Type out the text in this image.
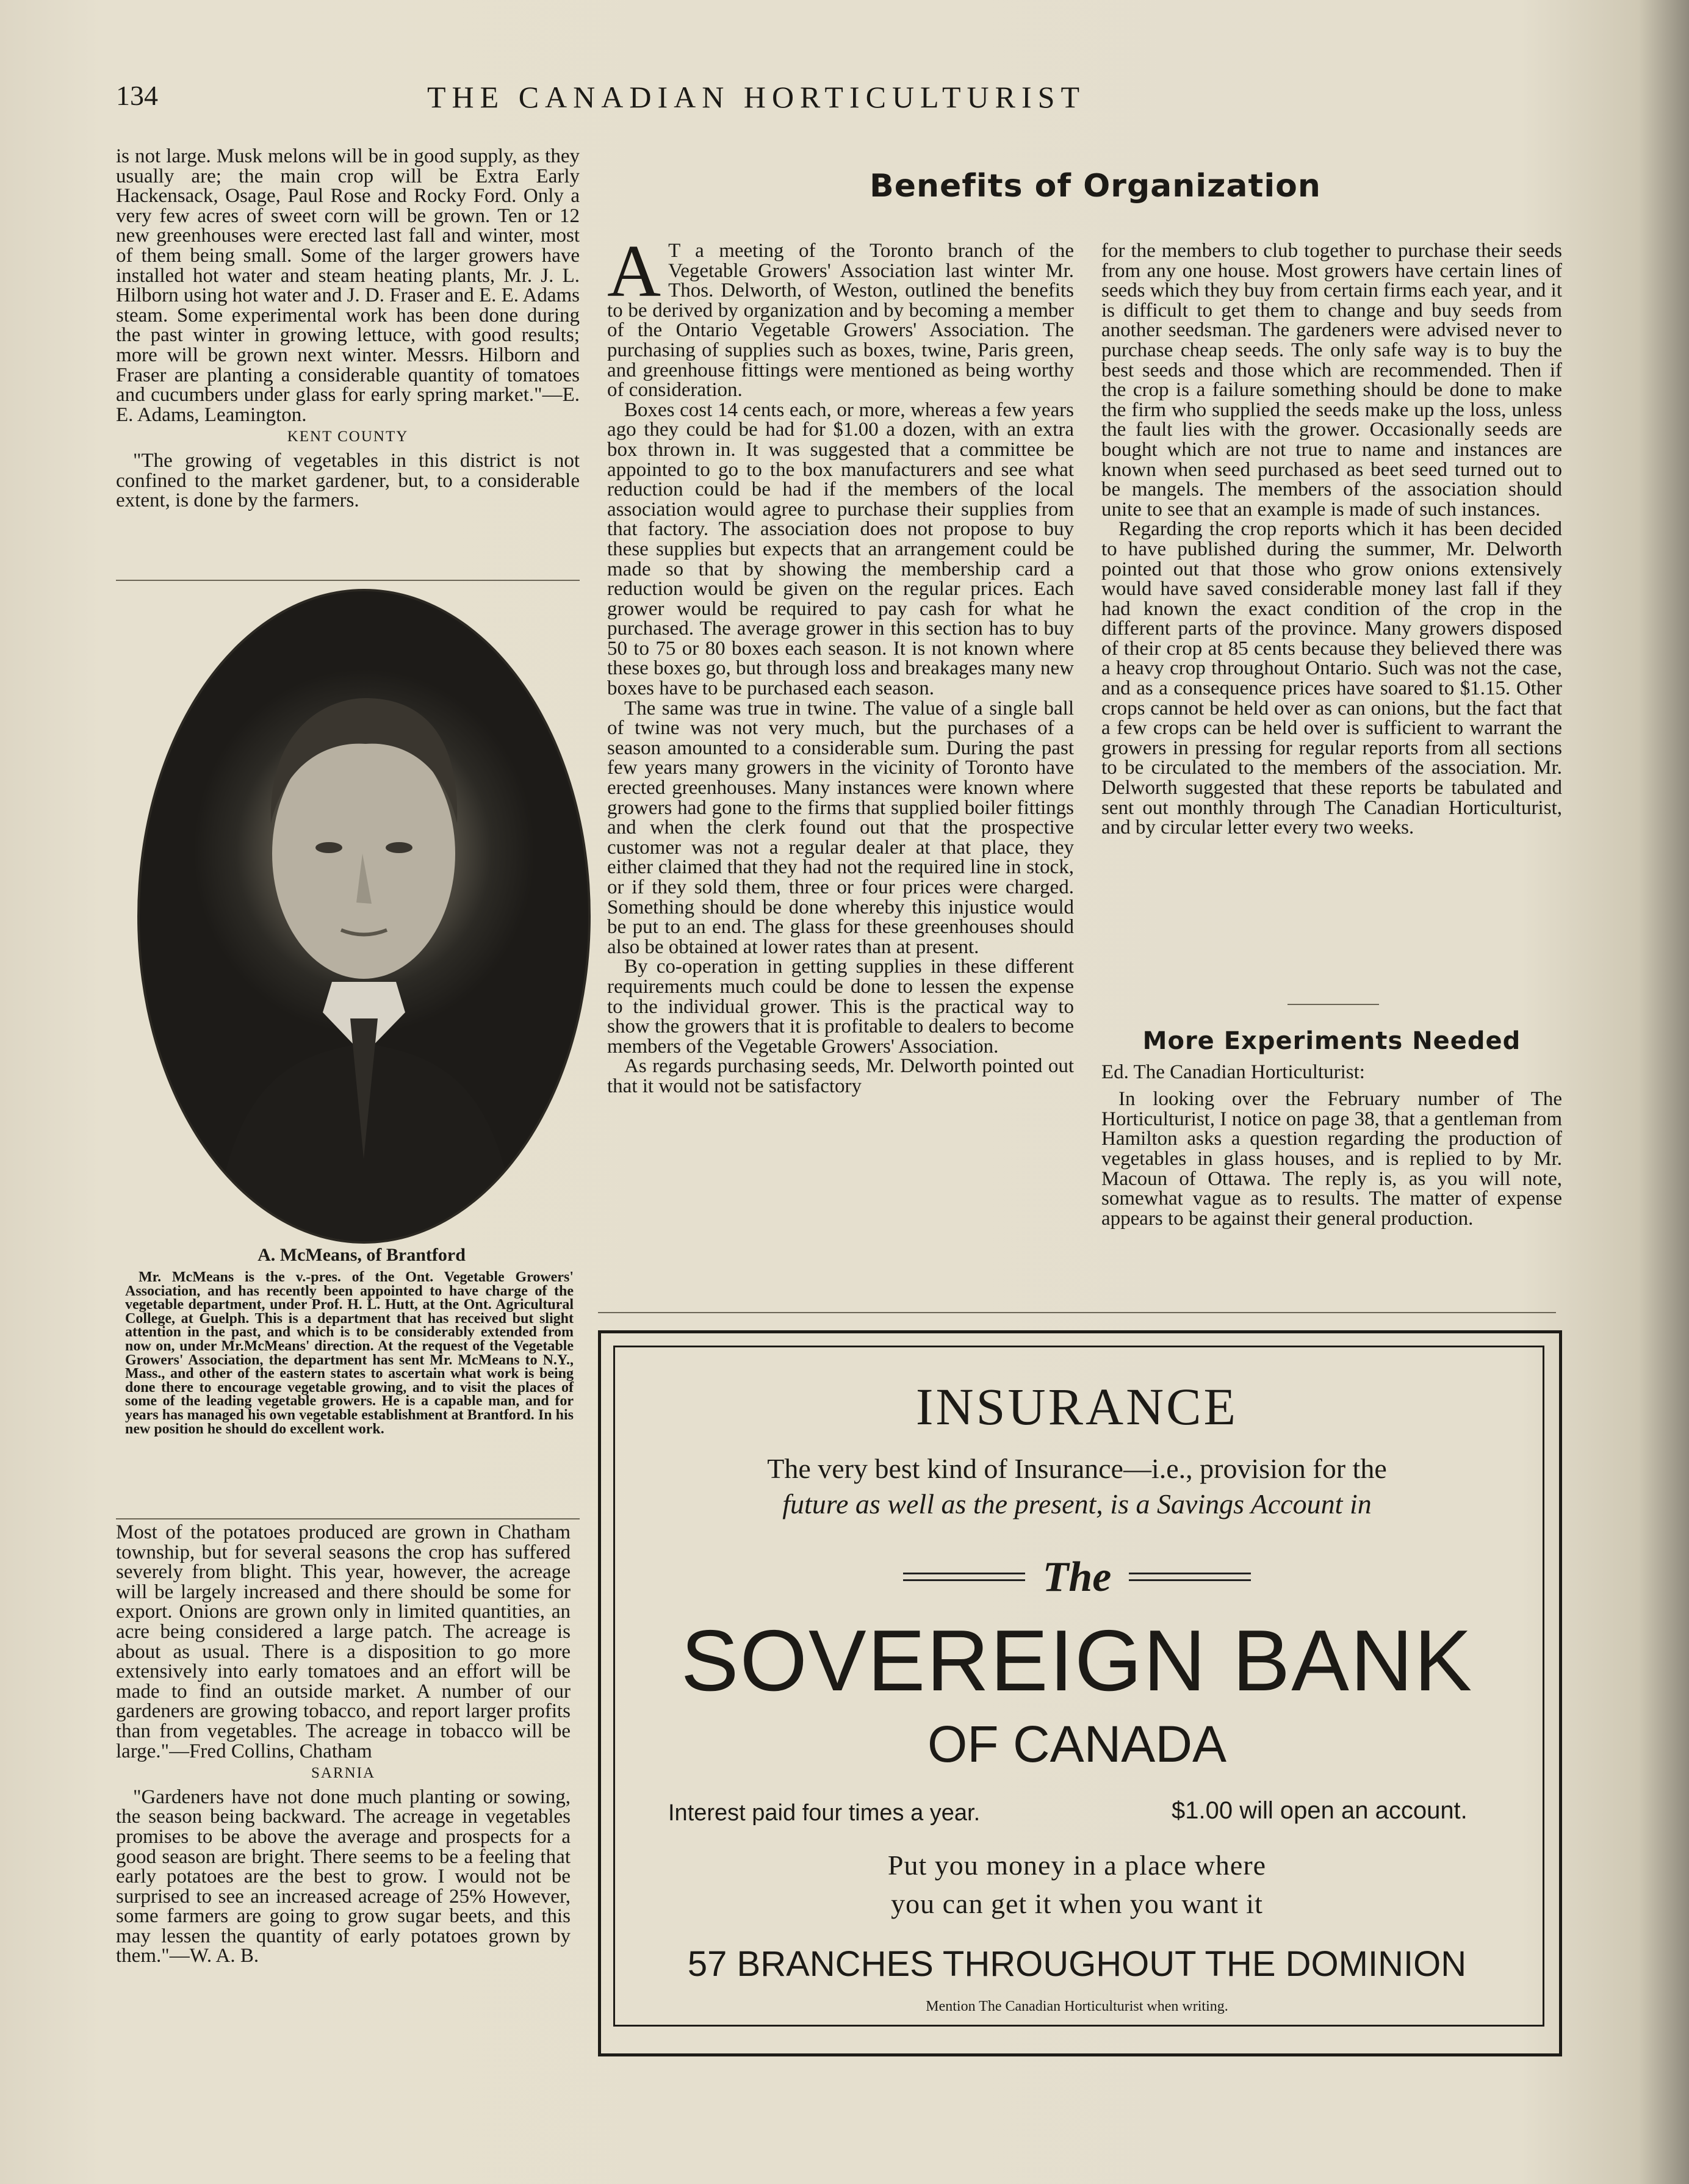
134	THE CANADIAN HORTICULTURIST

is not large. Musk melons will be in good supply, as they usually are; the main crop will be Extra Early Hackensack, Osage, Paul Rose and Rocky Ford. Only a very few acres of sweet corn will be grown. Ten or 12 new greenhouses were erected last fall and winter, most of them being small. Some of the larger growers have installed hot water and steam heating plants, Mr. J. L. Hilborn using hot water and J. D. Fraser and E. E. Adams steam. Some experimental work has been done during the past winter in growing lettuce, with good results; more will be grown next winter. Messrs. Hilborn and Fraser are planting a considerable quantity of tomatoes and cucumbers under glass for early spring market."—E. E. Adams, Leamington.

KENT COUNTY

"The growing of vegetables in this district is not confined to the market gardener, but, to a considerable extent, is done by the farmers.

A. McMeans, of Brantford

Mr. McMeans is the v.-pres. of the Ont. Vegetable Growers' Association, and has recently been appointed to have charge of the vegetable department, under Prof. H. L. Hutt, at the Ont. Agricultural College, at Guelph. This is a department that has received but slight attention in the past, and which is to be considerably extended from now on, under Mr.McMeans' direction. At the request of the Vegetable Growers' Association, the department has sent Mr. McMeans to N.Y., Mass., and other of the eastern states to ascertain what work is being done there to encourage vegetable growing, and to visit the places of some of the leading vegetable growers. He is a capable man, and for years has managed his own vegetable establishment at Brantford. In his new position he should do excellent work.

Most of the potatoes produced are grown in Chatham township, but for several seasons the crop has suffered severely from blight. This year, however, the acreage will be largely increased and there should be some for export. Onions are grown only in limited quantities, an acre being considered a large patch. The acreage is about as usual. There is a disposition to go more extensively into early tomatoes and an effort will be made to find an outside market. A number of our gardeners are growing tobacco, and report larger profits than from vegetables. The acreage in tobacco will be large."—Fred Collins, Chatham

SARNIA

"Gardeners have not done much planting or sowing, the season being backward. The acreage in vegetables promises to be above the average and prospects for a good season are bright. There seems to be a feeling that early potatoes are the best to grow. I would not be surprised to see an increased acreage of 25% However, some farmers are going to grow sugar beets, and this may lessen the quantity of early potatoes grown by them."—W. A. B.

Benefits of Organization

A T a meeting of the Toronto branch of the Vegetable Growers' Association last winter Mr. Thos. Delworth, of Weston, outlined the benefits to be derived by organization and by becoming a member of the Ontario Vegetable Growers' Association. The purchasing of supplies such as boxes, twine, Paris green, and greenhouse fittings were mentioned as being worthy of consideration.

Boxes cost 14 cents each, or more, whereas a few years ago they could be had for $1.00 a dozen, with an extra box thrown in. It was suggested that a committee be appointed to go to the box manufacturers and see what reduction could be had if the members of the local association would agree to purchase their supplies from that factory. The association does not propose to buy these supplies but expects that an arrangement could be made so that by showing the membership card a reduction would be given on the regular prices. Each grower would be required to pay cash for what he purchased. The average grower in this section has to buy 50 to 75 or 80 boxes each season. It is not known where these boxes go, but through loss and breakages many new boxes have to be purchased each season.

The same was true in twine. The value of a single ball of twine was not very much, but the purchases of a season amounted to a considerable sum. During the past few years many growers in the vicinity of Toronto have erected greenhouses. Many instances were known where growers had gone to the firms that supplied boiler fittings and when the clerk found out that the prospective customer was not a regular dealer at that place, they either claimed that they had not the required line in stock, or if they sold them, three or four prices were charged. Something should be done whereby this injustice would be put to an end. The glass for these greenhouses should also be obtained at lower rates than at present.

By co-operation in getting supplies in these different requirements much could be done to lessen the expense to the individual grower. This is the practical way to show the growers that it is profitable to dealers to become members of the Vegetable Growers' Association.

As regards purchasing seeds, Mr. Delworth pointed out that it would not be satisfactory

for the members to club together to purchase their seeds from any one house. Most growers have certain lines of seeds which they buy from certain firms each year, and it is difficult to get them to change and buy seeds from another seedsman. The gardeners were advised never to purchase cheap seeds. The only safe way is to buy the best seeds and those which are recommended. Then if the crop is a failure something should be done to make the firm who supplied the seeds make up the loss, unless the fault lies with the grower. Occasionally seeds are bought which are not true to name and instances are known when seed purchased as beet seed turned out to be mangels. The members of the association should unite to see that an example is made of such instances.

Regarding the crop reports which it has been decided to have published during the summer, Mr. Delworth pointed out that those who grow onions extensively would have saved considerable money last fall if they had known the exact condition of the crop in the different parts of the province. Many growers disposed of their crop at 85 cents because they believed there was a heavy crop throughout Ontario. Such was not the case, and as a consequence prices have soared to $1.15. Other crops cannot be held over as can onions, but the fact that a few crops can be held over is sufficient to warrant the growers in pressing for regular reports from all sections to be circulated to the members of the association. Mr. Delworth suggested that these reports be tabulated and sent out monthly through The Canadian Horticulturist, and by circular letter every two weeks.

More Experiments Needed

Ed. The Canadian Horticulturist:

In looking over the February number of The Horticulturist, I notice on page 38, that a gentleman from Hamilton asks a question regarding the production of vegetables in glass houses, and is replied to by Mr. Macoun of Ottawa. The reply is, as you will note, somewhat vague as to results. The matter of expense appears to be against their general production.

INSURANCE
The very best kind of Insurance—i.e., provision for the
future as well as the present, is a Savings Account in
The
SOVEREIGN BANK
OF CANADA
Interest paid four times a year.	$1.00 will open an account.
Put you money in a place where
you can get it when you want it
57 BRANCHES THROUGHOUT THE DOMINION
Mention The Canadian Horticulturist when writing.
